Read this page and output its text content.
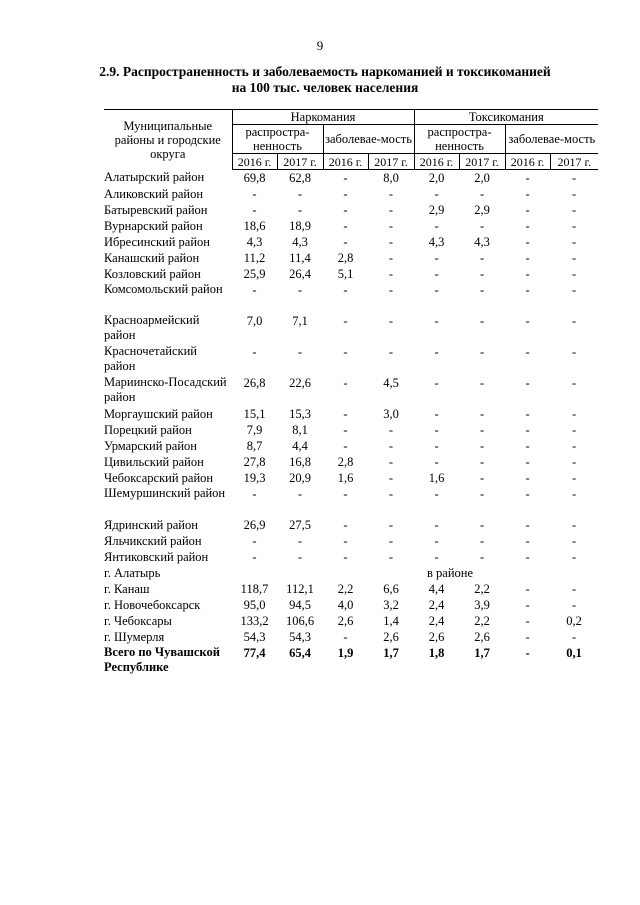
9
2.9. Распространенность и заболеваемость наркоманией и токсикоманией
на 100 тыс. человек населения
Муниципальные районы и городские округа	Наркомания				Токсикомания			
	распростра-ненность		заболевае-мость		распростра-ненность		заболевае-мость	
	2016 г.	2017 г.	2016 г.	2017 г.	2016 г.	2017 г.	2016 г.	2017 г.
Алатырский район	69,8	62,8	-	8,0	2,0	2,0	-	-
Аликовский район	-	-	-	-	-	-	-	-
Батыревский район	-	-	-	-	2,9	2,9	-	-
Вурнарский район	18,6	18,9	-	-	-	-	-	-
Ибресинский район	4,3	4,3	-	-	4,3	4,3	-	-
Канашский район	11,2	11,4	2,8	-	-	-	-	-
Козловский район	25,9	26,4	5,1	-	-	-	-	-
Комсомольский район	-	-	-	-	-	-	-	-
Красноармейский район	7,0	7,1	-	-	-	-	-	-
Красночетайский район	-	-	-	-	-	-	-	-
Мариинско-Посадский район	26,8	22,6	-	4,5	-	-	-	-
Моргаушский район	15,1	15,3	-	3,0	-	-	-	-
Порецкий район	7,9	8,1	-	-	-	-	-	-
Урмарский район	8,7	4,4	-	-	-	-	-	-
Цивильский район	27,8	16,8	2,8	-	-	-	-	-
Чебоксарский район	19,3	20,9	1,6	-	1,6	-	-	-
Шемуршинский район	-	-	-	-	-	-	-	-
Ядринский район	26,9	27,5	-	-	-	-	-	-
Яльчикский район	-	-	-	-	-	-	-	-
Янтиковский район	-	-	-	-	-	-	-	-
г. Алатырь	в районе							
г. Канаш	118,7	112,1	2,2	6,6	4,4	2,2	-	-
г. Новочебоксарск	95,0	94,5	4,0	3,2	2,4	3,9	-	-
г. Чебоксары	133,2	106,6	2,6	1,4	2,4	2,2	-	0,2
г. Шумерля	54,3	54,3	-	2,6	2,6	2,6	-	-
Всего по Чувашской Республике	77,4	65,4	1,9	1,7	1,8	1,7	-	0,1
